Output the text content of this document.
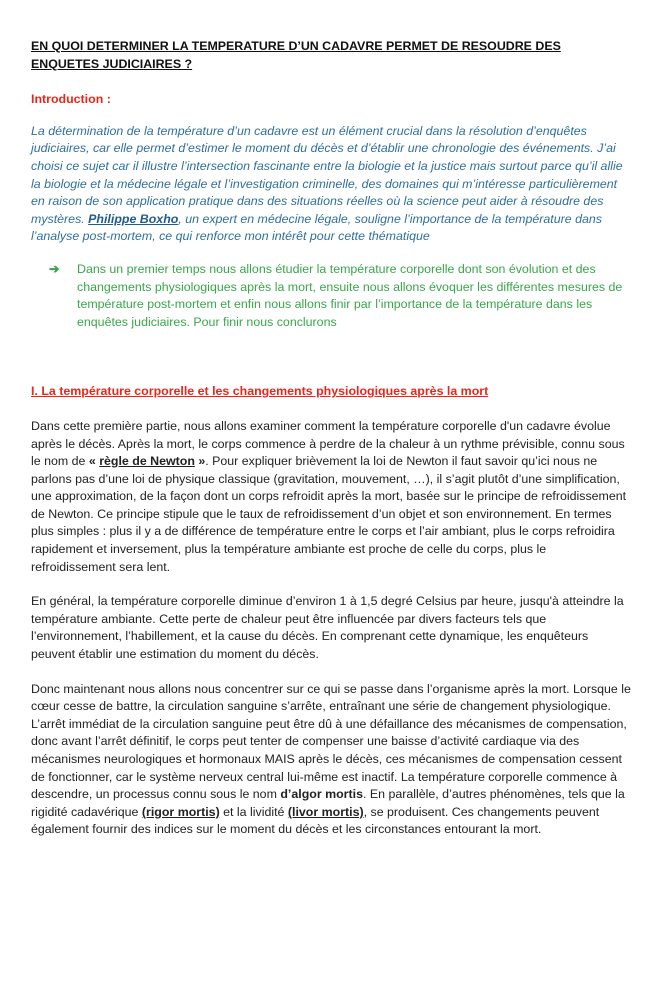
EN QUOI DETERMINER LA TEMPERATURE D’UN CADAVRE PERMET DE RESOUDRE DES ENQUETES JUDICIAIRES ?

Introduction :
La détermination de la température d’un cadavre est un élément crucial dans la résolution d’enquêtes judiciaires, car elle permet d’estimer le moment du décès et d’établir une chronologie des événements. J’ai choisi ce sujet car il illustre l’intersection fascinante entre la biologie et la justice mais surtout parce qu’il allie la biologie et la médecine légale et l’investigation criminelle, des domaines qui m’intéresse particulièrement en raison de son application pratique dans des situations réelles où la science peut aider à résoudre des mystères. Philippe Boxho, un expert en médecine légale, souligne l’importance de la température dans l’analyse post-mortem, ce qui renforce mon intérêt pour cette thématique
➔	Dans un premier temps nous allons étudier la température corporelle dont son évolution et des changements physiologiques après la mort, ensuite nous allons évoquer les différentes mesures de température post-mortem et enfin nous allons finir par l’importance de la température dans les enquêtes judiciaires. Pour finir nous conclurons
I. La température corporelle et les changements physiologiques après la mort
Dans cette première partie, nous allons examiner comment la température corporelle d'un cadavre évolue après le décès. Après la mort, le corps commence à perdre de la chaleur à un rythme prévisible, connu sous le nom de « règle de Newton ». Pour expliquer brièvement la loi de Newton il faut savoir qu’ici nous ne parlons pas d’une loi de physique classique (gravitation, mouvement, …), il s’agit plutôt d’une simplification, une approximation, de la façon dont un corps refroidit après la mort, basée sur le principe de refroidissement de Newton. Ce principe stipule que le taux de refroidissement d’un objet et son environnement. En termes plus simples : plus il y a de différence de température entre le corps et l’air ambiant, plus le corps refroidira rapidement et inversement, plus la température ambiante est proche de celle du corps, plus le refroidissement sera lent.
En général, la température corporelle diminue d’environ 1 à 1,5 degré Celsius par heure, jusqu'à atteindre la température ambiante. Cette perte de chaleur peut être influencée par divers facteurs tels que l’environnement, l’habillement, et la cause du décès. En comprenant cette dynamique, les enquêteurs peuvent établir une estimation du moment du décès.
Donc maintenant nous allons nous concentrer sur ce qui se passe dans l’organisme après la mort. Lorsque le cœur cesse de battre, la circulation sanguine s’arrête, entraînant une série de changement physiologique. L’arrêt immédiat de la circulation sanguine peut être dû à une défaillance des mécanismes de compensation, donc avant l’arrêt définitif, le corps peut tenter de compenser une baisse d’activité cardiaque via des mécanismes neurologiques et hormonaux MAIS après le décès, ces mécanismes de compensation cessent de fonctionner, car le système nerveux central lui-même est inactif. La température corporelle commence à descendre, un processus connu sous le nom d’algor mortis. En parallèle, d’autres phénomènes, tels que la rigidité cadavérique (rigor mortis) et la lividité (livor mortis), se produisent. Ces changements peuvent également fournir des indices sur le moment du décès et les circonstances entourant la mort.
